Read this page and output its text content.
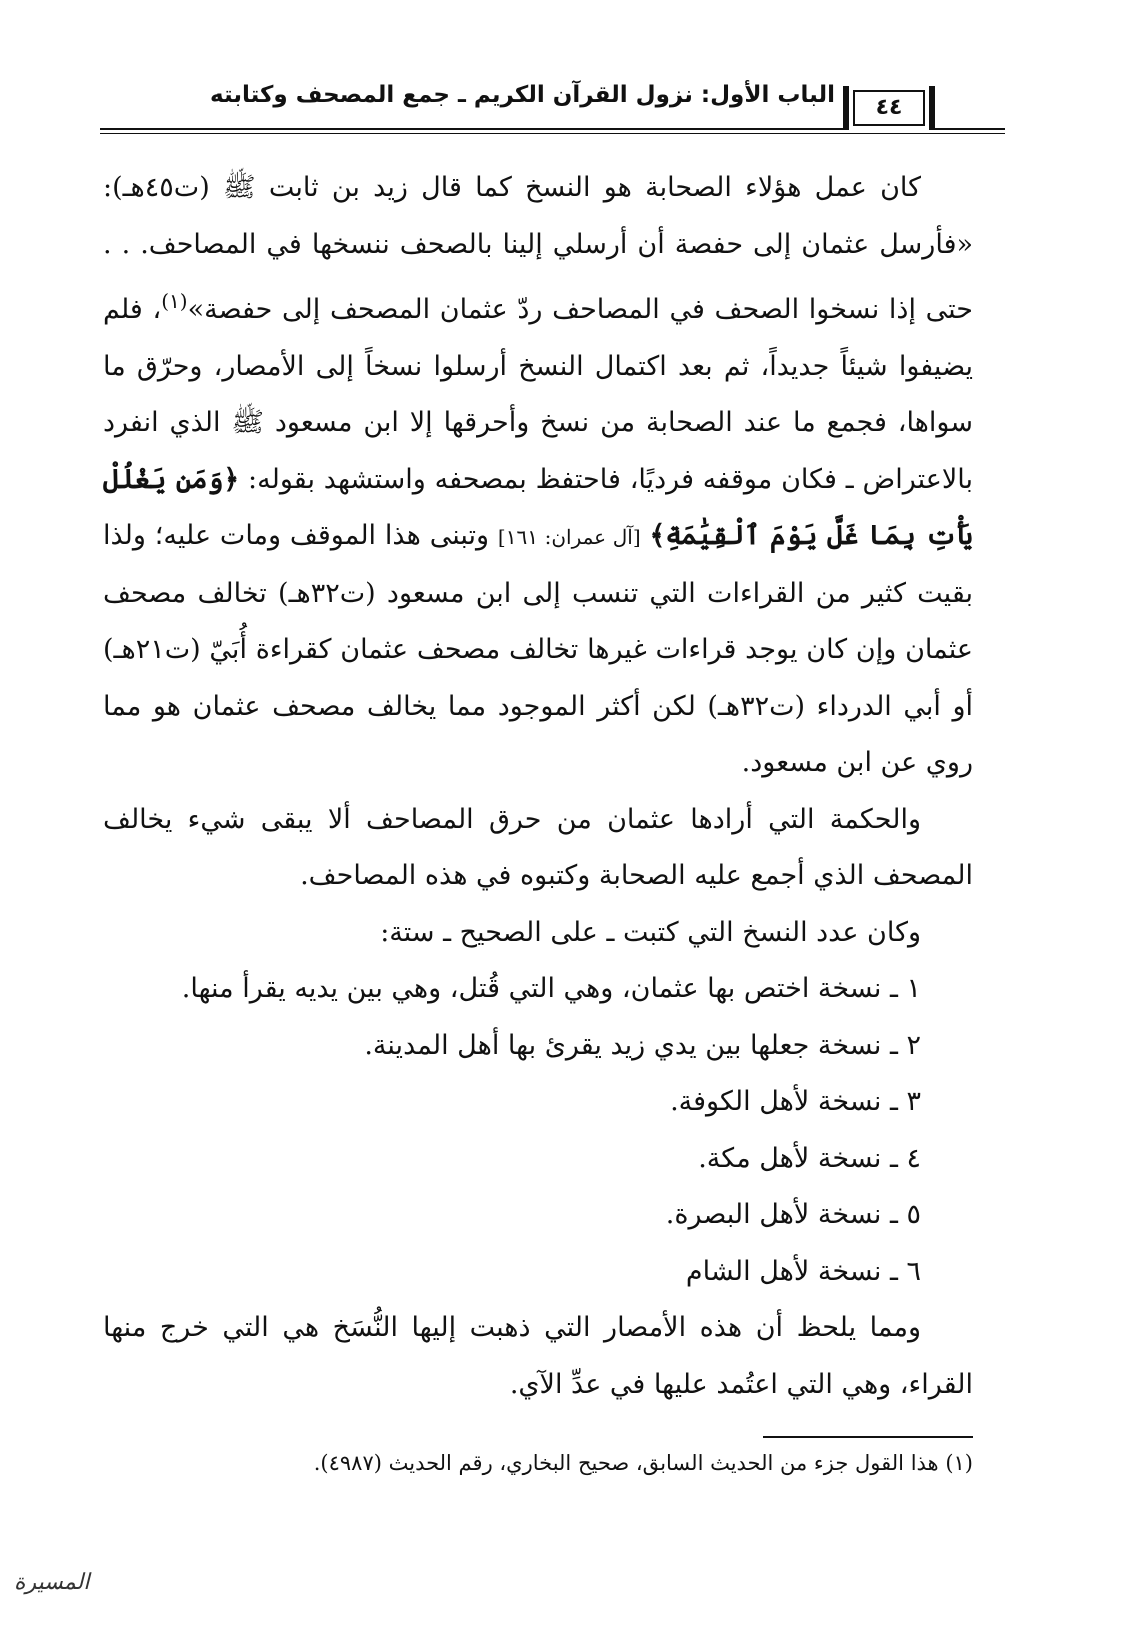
الباب الأول: نزول القرآن الكريم ـ جمع المصحف وكتابته	٤٤

كان عمل هؤلاء الصحابة هو النسخ كما قال زيد بن ثابت ﷺ (ت٤٥هـ): «فأرسل عثمان إلى حفصة أن أرسلي إلينا بالصحف ننسخها في المصاحف. . . حتى إذا نسخوا الصحف في المصاحف ردّ عثمان المصحف إلى حفصة»$^{(١)}$، فلم يضيفوا شيئاً جديداً، ثم بعد اكتمال النسخ أرسلوا نسخاً إلى الأمصار، وحرّق ما سواها، فجمع ما عند الصحابة من نسخ وأحرقها إلا ابن مسعود ﷺ الذي انفرد بالاعتراض ـ فكان موقفه فرديًا، فاحتفظ بمصحفه واستشهد بقوله: ﴿وَمَن يَغْلُلْ يَأْتِ بِمَا غَلَّ يَوْمَ ٱلْقِيَٰمَةِ﴾ [آل عمران: ١٦١] وتبنى هذا الموقف ومات عليه؛ ولذا بقيت كثير من القراءات التي تنسب إلى ابن مسعود (ت٣٢هـ) تخالف مصحف عثمان وإن كان يوجد قراءات غيرها تخالف مصحف عثمان كقراءة أُبَيّ (ت٢١هـ) أو أبي الدرداء (ت٣٢هـ) لكن أكثر الموجود مما يخالف مصحف عثمان هو مما روي عن ابن مسعود.

والحكمة التي أرادها عثمان من حرق المصاحف ألا يبقى شيء يخالف المصحف الذي أجمع عليه الصحابة وكتبوه في هذه المصاحف.

وكان عدد النسخ التي كتبت ـ على الصحيح ـ ستة:

١ ـ نسخة اختص بها عثمان، وهي التي قُتل، وهي بين يديه يقرأ منها.

٢ ـ نسخة جعلها بين يدي زيد يقرئ بها أهل المدينة.

٣ ـ نسخة لأهل الكوفة.

٤ ـ نسخة لأهل مكة.

٥ ـ نسخة لأهل البصرة.

٦ ـ نسخة لأهل الشام

ومما يلحظ أن هذه الأمصار التي ذهبت إليها النُّسَخ هي التي خرج منها القراء، وهي التي اعتُمد عليها في عدِّ الآي.

(١) هذا القول جزء من الحديث السابق، صحيح البخاري، رقم الحديث (٤٩٨٧).
المسيرة
